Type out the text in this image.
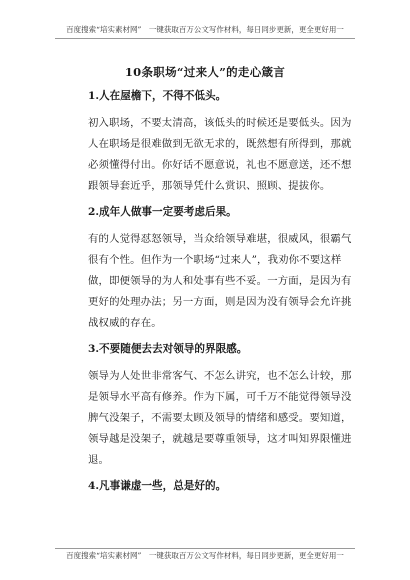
百度搜索“培实素材网”　一键获取百万公文写作材料，每日同步更新，更全更好用一
10条职场“过来人”的走心箴言
1.人在屋檐下，不得不低头。
初入职场，不要太清高，该低头的时候还是要低头。因为
人在职场是很难做到无欲无求的，既然想有所得到，那就
必须懂得付出。你好话不愿意说，礼也不愿意送，还不想
跟领导套近乎，那领导凭什么赏识、照顾、提拔你。
2.成年人做事一定要考虑后果。
有的人觉得怼怒领导，当众给领导难堪，很威风，很霸气
很有个性。但作为一个职场“过来人”，我劝你不要这样
做，即便领导的为人和处事有些不妥。一方面，是因为有
更好的处理办法；另一方面，则是因为没有领导会允许挑
战权威的存在。
3.不要随便去去对领导的界限感。
领导为人处世非常客气、不怎么讲究，也不怎么计较，那
是领导水平高有修养。作为下属，可千万不能觉得领导没
脾气没架子，不需要太顾及领导的情绪和感受。要知道，
领导越是没架子，就越是要尊重领导，这才叫知界限懂进
退。
4.凡事谦虚一些，总是好的。
百度搜索“培实素材网”　一键获取百万公文写作材料，每日同步更新，更全更好用一
